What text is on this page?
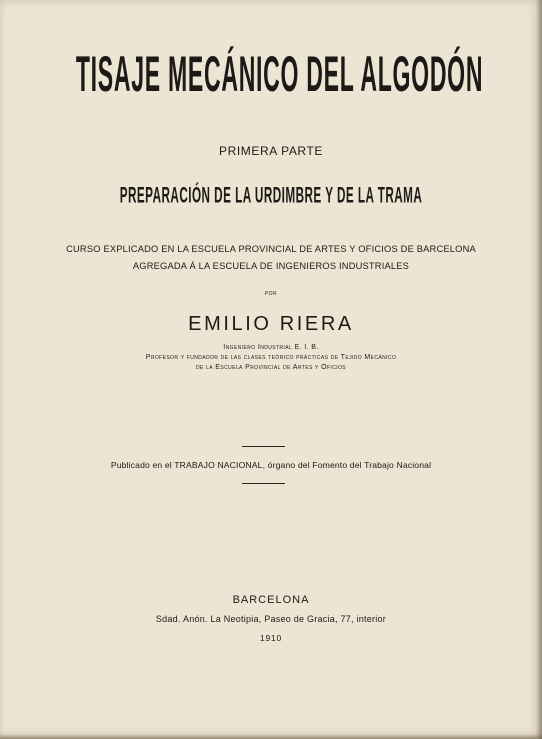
TISAJE MECÁNICO DEL ALGODÓN
PRIMERA PARTE
PREPARACIÓN DE LA URDIMBRE Y DE LA TRAMA
CURSO EXPLICADO EN LA ESCUELA PROVINCIAL DE ARTES Y OFICIOS DE BARCELONA
AGREGADA Á LA ESCUELA DE INGENIEROS INDUSTRIALES
POR
EMILIO RIERA
Ingeniero Industrial E. I. B.
Profesor y fundador de las clases teórico prácticas de Tejido Mecánico
de la Escuela Provincial de Artes y Oficios
Publicado en el TRABAJO NACIONAL, órgano del Fomento del Trabajo Nacional
BARCELONA
Sdad. Anón. La Neotipia, Paseo de Gracia, 77, interior
1910
